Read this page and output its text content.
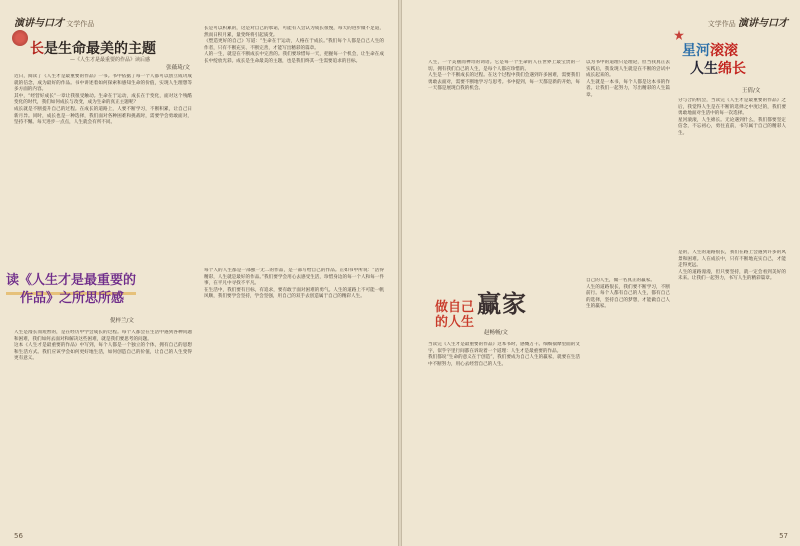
演讲与口才 文学作品
长是生命最美的主题
—《人生才是最重要的作品》读后感
张薇琦/文

近日，阅读了《人生才是最重要的作品》一书。书中依据了每一个人都可以创立成功成就的信念，成为最好的作品。书中讲述着如何探索和感知生命的价值，实现人生理想等多方面的内容。
其中，“经营好成长”一章让我很受触动。生命在于运动，成长在于变化，面对这个残酷变化的时代，我们如何成长与改变，成为生命的真正主题呢？
成长就是不断提升自己的过程。在成长的道路上，人要不断学习，不断积累，让自己日新月异。同时，成长也是一种选择，我们面对各种困难和挑战时，需要学会勇敢面对，坚持不懈。每天进步一点点，人生就会有所不同。

长是可以积累的，这是对自己的承诺，可能有人会认为成长很慢，每天的进步微不足道，然而日积月累，量变终将引起质变。
《塑造更好的自己》写道：“生命在于运动，人格在于成长。”我们每个人都是自己人生的作者，只有不断充实、不断完善，才能写出精彩的篇章。
人的一生，就是在不断成长中完善的。我们要珍惜每一天，把握每一个机会，让生命在成长中绽放光彩。成长是生命最美的主题，也是我们终其一生需要追求的目标。

读《人生才是最重要的
作品》之所思所感
倪梓兰/文

人生是漫长而短暂的，是在经历中学会成长的过程。每个人都会在生活中遇到各种问题和困难，我们如何去面对和解决这些困难，就是我们要思考的问题。
这本《人生才是最重要的作品》中写到，每个人都是一个独立的个体，拥有自己的思想和生活方式。我们应该学会如何更好地生活，如何创造自己的价值，让自己的人生变得更有意义。

每个人的人生都是一部独一无二的作品，是一部写给自己的作品。正如书中所说：“活得精彩，人生就是最好的作品。”我们要学会用心去感受生活，珍惜身边的每一个人和每一件事，在平凡中寻找不平凡。
在生活中，我们要有目标，有追求，要有敢于面对困难的勇气。人生的道路上不可能一帆风顺，我们要学会坚持，学会坚强，用自己的双手去创造属于自己的精彩人生。

56
文学作品 演讲与口才

人生，一个美丽而神奇的词语。它是每一个生命的人在世界上最宝贵的一切。拥有我们自己的人生，是每个人都应珍惜的。
人生是一个不断成长的过程。在这个过程中我们会遇到许多困难，需要我们勇敢去面对，需要不断地学习与思考。书中提到，每一天都是新的开始，每一天都是展现自我的机会。

以为书中的道理只是理论，但当我真正去实践后，我发现人生就是在不断的尝试中成长起来的。
人生就是一本书，每个人都是这本书的作者。让我们一起努力，写出精彩的人生篇章。

做自己
的人生
赢家
赵畅畅/文

当读完《人生才是最重要的作品》这本书时，感慨万千。细细揣摩里面的文字，似乎字里行间都在诉说着一个道理：人生才是最重要的作品。
我们都说“生命的意义在于创造”，我们要成为自己人生的赢家，就要在生活中不断努力，用心去经营自己的人生。

自己的人生，做一名真正的赢家。
人生的道路很长，我们要不断学习，不断前行。每个人都有自己的人生，都有自己的选择，坚持自己的梦想，才能做自己人生的赢家。

星河滚滚
人生绵长
王倩/文

分与合的机会，当读完《人生才是最重要的作品》之后，我觉得人生是在不断的选择之中度过的，我们要勇敢地面对生活中的每一次选择。
星河滚滚，人生绵长。无论遇到什么，我们都要坚定信念，不忘初心，勇往直前，书写属于自己的精彩人生。

是的，人生的道路很长，我们在路上会遇到许多的风景和困难。人在成长中，只有不断地充实自己，才能走得更远。
人生的道路漫漫，但只要坚持，就一定会看到美好的未来。让我们一起努力，书写人生的精彩篇章。

57
